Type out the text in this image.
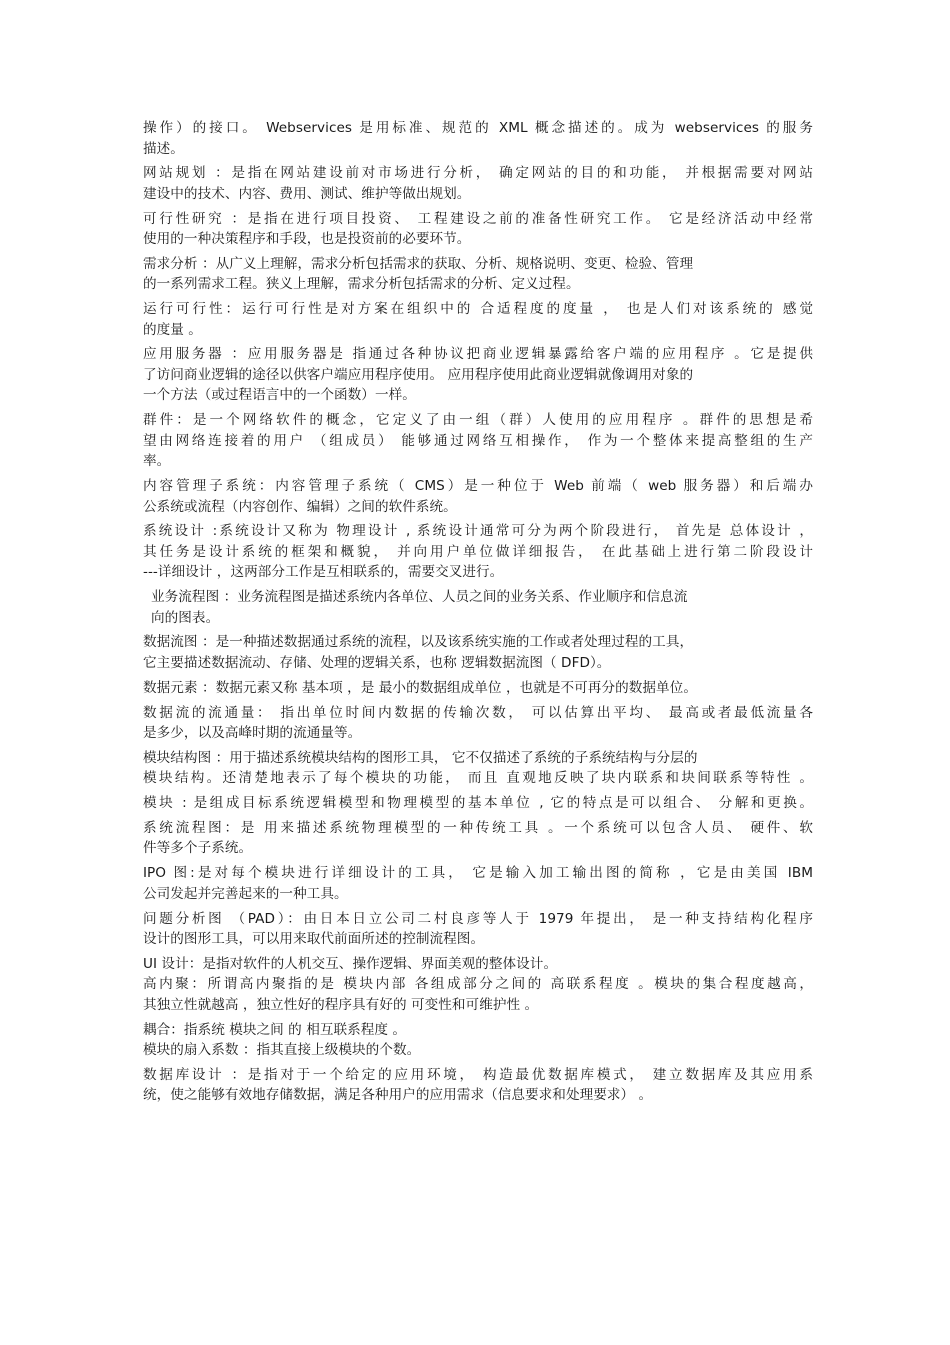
操作）的接口。 Webservices 是用标准、规范的 XML 概念描述的。成为 webservices 的服务
描述。
网站规划 ：是指在网站建设前对市场进行分析， 确定网站的目的和功能， 并根据需要对网站
建设中的技术、内容、费用、测试、维护等做出规划。
可行性研究 ：是指在进行项目投资、 工程建设之前的准备性研究工作。 它是经济活动中经常
使用的一种决策程序和手段，也是投资前的必要环节。
需求分析 ：从广义上理解，需求分析包括需求的获取、分析、规格说明、变更、检验、管理
的一系列需求工程。狭义上理解，需求分析包括需求的分析、定义过程。
运行可行性：运行可行性是对方案在组织中的 合适程度的度量 ， 也是人们对该系统的 感觉
的度量 。
应用服务器 ：应用服务器是 指通过各种协议把商业逻辑暴露给客户端的应用程序 。它是提供
了访问商业逻辑的途径以供客户端应用程序使用。 应用程序使用此商业逻辑就像调用对象的
一个方法（或过程语言中的一个函数）一样。
群件：是一个网络软件的概念，它定义了由一组（群）人使用的应用程序 。群件的思想是希
望由网络连接着的用户 （组成员） 能够通过网络互相操作， 作为一个整体来提高整组的生产
率。
内容管理子系统：内容管理子系统（ CMS）是一种位于 Web 前端（ web 服务器）和后端办
公系统或流程（内容创作、编辑）之间的软件系统。
系统设计 :系统设计又称为 物理设计 , 系统设计通常可分为两个阶段进行， 首先是 总体设计 ，
其任务是设计系统的框架和概貌， 并向用户单位做详细报告， 在此基础上进行第二阶段设计
---详细设计 ，这两部分工作是互相联系的，需要交叉进行。
业务流程图 ：业务流程图是描述系统内各单位、人员之间的业务关系、作业顺序和信息流
向的图表。
数据流图 ：是一种描述数据通过系统的流程，以及该系统实施的工作或者处理过程的工具，
它主要描述数据流动、存储、处理的逻辑关系，也称 逻辑数据流图（ DFD）。
数据元素 ：数据元素又称 基本项 ，是 最小的数据组成单位 ，也就是不可再分的数据单位。
数据流的流通量： 指出单位时间内数据的传输次数， 可以估算出平均、 最高或者最低流量各
是多少，以及高峰时期的流通量等。
模块结构图 ：用于描述系统模块结构的图形工具， 它不仅描述了系统的子系统结构与分层的
模块结构。还清楚地表示了每个模块的功能， 而且 直观地反映了块内联系和块间联系等特性 。
模块 : 是组成目标系统逻辑模型和物理模型的基本单位 , 它的特点是可以组合、 分解和更换。
系统流程图：是 用来描述系统物理模型的一种传统工具 。一个系统可以包含人员、 硬件、软
件等多个子系统。
IPO 图:是对每个模块进行详细设计的工具， 它是输入加工输出图的简称 ，它是由美国 IBM
公司发起并完善起来的一种工具。
问题分析图 （PAD）：由日本日立公司二村良彦等人于 1979 年提出， 是一种支持结构化程序
设计的图形工具，可以用来取代前面所述的控制流程图。
UI 设计：是指对软件的人机交互、操作逻辑、界面美观的整体设计。
高内聚：所谓高内聚指的是 模块内部 各组成部分之间的 高联系程度 。模块的集合程度越高，
其独立性就越高 ，独立性好的程序具有好的 可变性和可维护性 。
耦合：指系统 模块之间 的 相互联系程度 。
模块的扇入系数 ：指其直接上级模块的个数。
数据库设计 ：是指对于一个给定的应用环境， 构造最优数据库模式， 建立数据库及其应用系
统，使之能够有效地存储数据，满足各种用户的应用需求（信息要求和处理要求） 。
